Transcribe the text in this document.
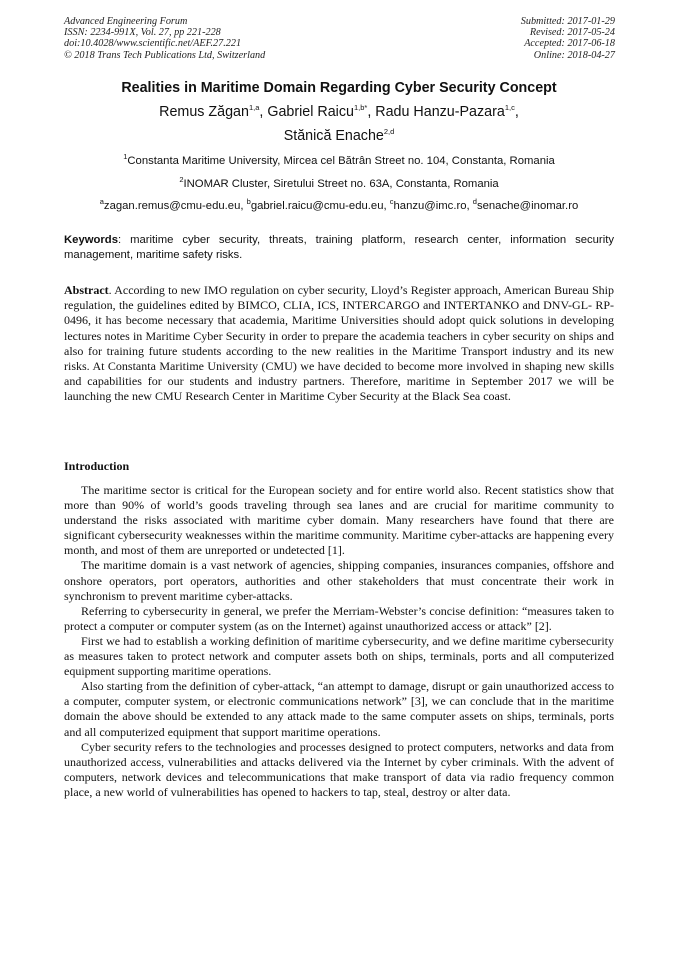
Advanced Engineering Forum
ISSN: 2234-991X, Vol. 27, pp 221-228
doi:10.4028/www.scientific.net/AEF.27.221
© 2018 Trans Tech Publications Ltd, Switzerland
Submitted: 2017-01-29
Revised: 2017-05-24
Accepted: 2017-06-18
Online: 2018-04-27
Realities in Maritime Domain Regarding Cyber Security Concept
Remus Zăgan$^{1,a}$, Gabriel Raicu$^{1,b*}$, Radu Hanzu-Pazara$^{1,c}$,
Stănică Enache$^{2,d}$
$^1$Constanta Maritime University, Mircea cel Bătrân Street no. 104, Constanta, Romania
$^2$INOMAR Cluster, Siretului Street no. 63A, Constanta, Romania
$^a$zagan.remus@cmu-edu.eu, $^b$gabriel.raicu@cmu-edu.eu, $^c$hanzu@imc.ro, $^d$senache@inomar.ro
Keywords: maritime cyber security, threats, training platform, research center, information security management, maritime safety risks.
Abstract. According to new IMO regulation on cyber security, Lloyd’s Register approach, American Bureau Ship regulation, the guidelines edited by BIMCO, CLIA, ICS, INTERCARGO and INTERTANKO and DNV-GL- RP-0496, it has become necessary that academia, Maritime Universities should adopt quick solutions in developing lectures notes in Maritime Cyber Security in order to prepare the academia teachers in cyber security on ships and also for training future students according to the new realities in the Maritime Transport industry and its new risks. At Constanta Maritime University (CMU) we have decided to become more involved in shaping new skills and capabilities for our students and industry partners. Therefore, maritime in September 2017 we will be launching the new CMU Research Center in Maritime Cyber Security at the Black Sea coast.
Introduction

The maritime sector is critical for the European society and for entire world also. Recent statistics show that more than 90% of world’s goods traveling through sea lanes and are crucial for maritime community to understand the risks associated with maritime cyber domain. Many researchers have found that there are significant cybersecurity weaknesses within the maritime community. Maritime cyber-attacks are happening every month, and most of them are unreported or undetected [1].

The maritime domain is a vast network of agencies, shipping companies, insurances companies, offshore and onshore operators, port operators, authorities and other stakeholders that must concentrate their work in synchronism to prevent maritime cyber-attacks.

Referring to cybersecurity in general, we prefer the Merriam-Webster’s concise definition: “measures taken to protect a computer or computer system (as on the Internet) against unauthorized access or attack” [2].

First we had to establish a working definition of maritime cybersecurity, and we define maritime cybersecurity as measures taken to protect network and computer assets both on ships, terminals, ports and all computerized equipment supporting maritime operations.

Also starting from the definition of cyber-attack, “an attempt to damage, disrupt or gain unauthorized access to a computer, computer system, or electronic communications network” [3], we can conclude that in the maritime domain the above should be extended to any attack made to the same computer assets on ships, terminals, ports and all computerized equipment that support maritime operations.

Cyber security refers to the technologies and processes designed to protect computers, networks and data from unauthorized access, vulnerabilities and attacks delivered via the Internet by cyber criminals. With the advent of computers, network devices and telecommunications that make transport of data via radio frequency common place, a new world of vulnerabilities has opened to hackers to tap, steal, destroy or alter data.
